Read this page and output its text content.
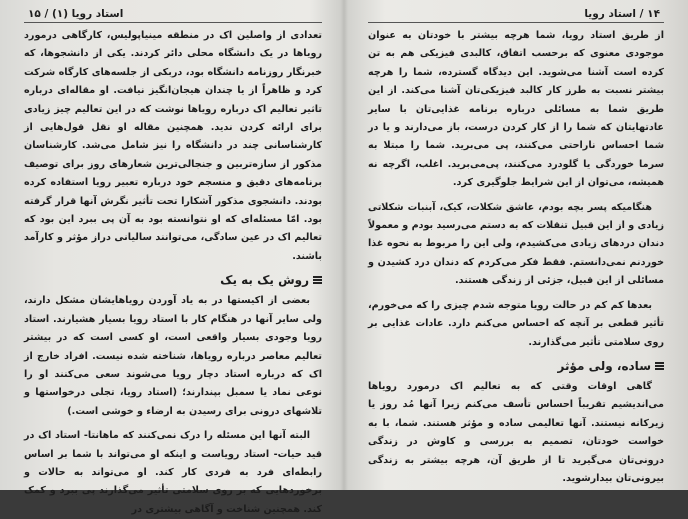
استاد رویا (۱) / ۱۵

تعدادی از واصلین اک در منطقه مینیاپولیس، کارگاهی درمورد رویاها در یک دانشگاه محلی دائر کردند. یکی از دانشجوها، که خبرنگار روزنامه دانشگاه بود، دربکی از جلسه‌های کارگاه شرکت کرد و ظاهراً از یا چندان هیجان‌انگیز نیافت. او مقاله‌ای درباره تاثیر تعالیم اک درباره رویاها نوشت که در این تعالیم چیز زیادی برای ارائه کردن ندید. همچنین مقاله او نقل قول‌هایی از کارشناسانی چند در دانشگاه را نیز شامل می‌شد. کارشناسان مذکور از سازه‌تربین و جنجالی‌ترین شعارهای روز برای توصیف برنامه‌های دقیق و منسجم خود درباره تعبیر رویا استفاده کرده بودند. دانشجوی مذکور آشکارا تحت تأثیر نگرش آنها قرار گرفته بود. امّا مسئله‌ای که او نتوانسته بود به آن پی ببرد این بود که تعالیم اک در عین سادگی، می‌توانند سالیانی دراز مؤثر و کارآمد باشند.

روش یک به یک

بعضی از اکیستها در به یاد آوردن رویاهایشان مشکل دارند، ولی سایر آنها در هنگام کار با استاد رویا بسیار هشیارند. استاد رویا وجودی بسیار واقعی است، او کسی است که در بیشتر تعالیم معاصر درباره رویاها، شناخته شده نیست. افراد خارج از اک که درباره استاد دچار رویا می‌شوند سعی می‌کنند او را نوعی نماد یا سمبل بپندارند؛ (استاد رویا، تجلی درخواستها و تلاشهای درونی برای رسیدن به ارضاء و خوشی است.)

البته آنها این مسئله را درک نمی‌کنند که ماهانتا- استاد اک در قید حیات- استاد رویاست و اینکه او می‌تواند با شما بر اساس رابطه‌ای فرد به فردی کار کند. او می‌تواند به حالات و برخوردهایی که بر روی سلامتی تأثیر می‌گذارند پی ببرد و کمک کند. همچنین شناخت و آگاهی بیشتری در

۱۴ / استاد رویا

از طریق استاد رویا، شما هرچه بیشتر با خودتان به عنوان موجودی معنوی که برحسب اتفاق، کالبدی فیزیکی هم به تن کرده است آشنا می‌شوید. این دیدگاه گسترده، شما را هرچه بیشتر نسبت به طرز کار کالبد فیزیکی‌تان آشنا می‌کند. از این طریق شما به مسائلی درباره برنامه غذایی‌تان با سایر عادتهایتان که شما را از کار کردن درست، باز می‌دارند و یا در شما احساس ناراحتی می‌کنند، پی می‌برید. شما را مبتلا به سرما خوردگی یا گلودرد می‌کنند، پی‌می‌برید. اغلب، اگرچه نه همیشه، می‌توان از این شرایط جلوگیری کرد.

هنگامیکه پسر بچه بودم، عاشق شکلات، کیک، آبنبات شکلاتی زیادی و از این قبیل تنقلات که به دستم می‌رسید بودم و معمولاً دندان دردهای زیادی می‌کشیدم، ولی این را مربوط به نحوه غذا خوردنم نمی‌دانستم. فقط فکر می‌کردم که دندان درد کشیدن و مسائلی از این قبیل، جزئی از زندگی هستند.

بعدها کم کم در حالت رویا متوجه شدم چیزی را که می‌خورم، تأثیر قطعی بر آنچه که احساس می‌کنم دارد. عادات غذایی بر روی سلامتی تأثیر می‌گذارند.

ساده، ولی مؤثر

گاهی اوقات وقتی که به تعالیم اک درمورد رویاها می‌اندیشیم تقریباً احساس تأسف می‌کنم زیرا آنها مُد روز یا زیرکانه نیستند. آنها تعالیمی ساده و مؤثر هستند. شما، با به خواست خودتان، تصمیم به بررسی و کاوش در زندگی درونی‌تان می‌گیرید تا از طریق آن، هرچه بیشتر به زندگی بیرونی‌تان بیدارشوید.
